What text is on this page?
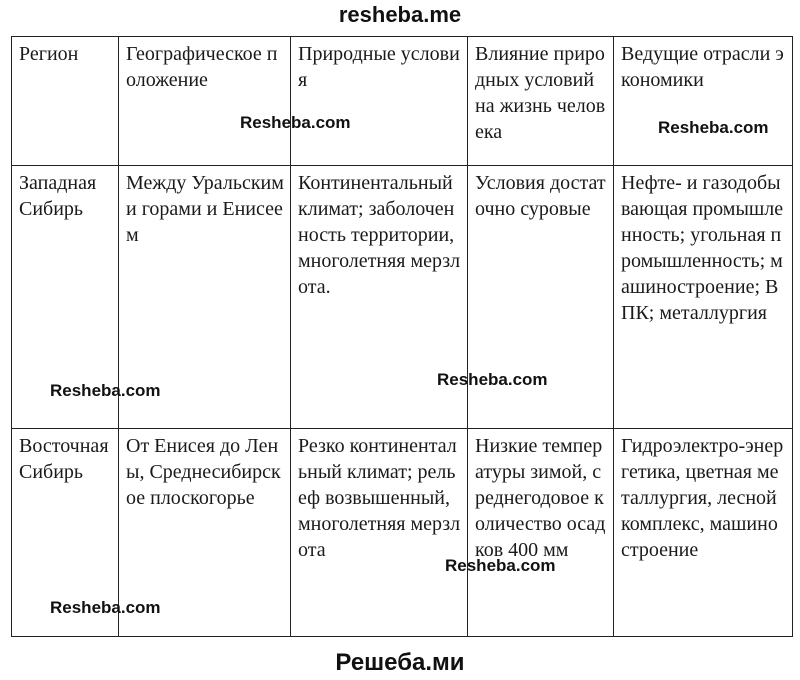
resheba.me
Регион	Географическое положение	Природные условия	Влияние природных условий на жизнь человека	Ведущие отрасли экономики
Западная Сибирь	Между Уральскими горами и Енисеем	Континентальный климат; заболоченность территории, многолетняя мерзлота.	Условия достаточно суровые	Нефте- и газодобывающая промышленность; угольная промышленность; машиностроение; ВПК; металлургия
Восточная Сибирь	От Енисея до Лены, Среднесибирское плоскогорье	Резко континентальный климат; рельеф возвышенный, многолетняя мерзлота	Низкие температуры зимой, среднегодовое количество осадков 400 мм	Гидроэлектро-энергетика, цветная металлургия, лесной комплекс, машиностроение
Resheba.com	Resheba.com
Resheba.com
Resheba.com
Resheba.com
Resheba.com
Решеба.ми
